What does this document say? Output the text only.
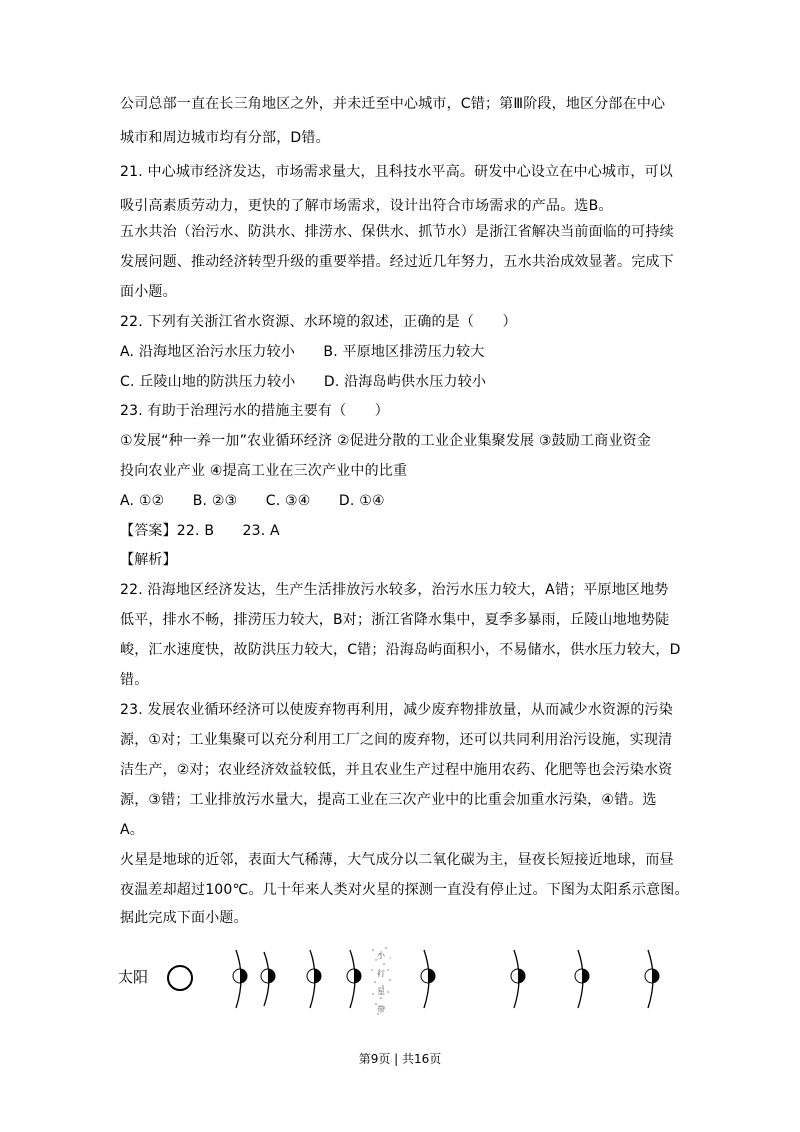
公司总部一直在长三角地区之外，并未迁至中心城市，C错；第Ⅲ阶段，地区分部在中心
城市和周边城市均有分部，D错。
21. 中心城市经济发达，市场需求量大，且科技水平高。研发中心设立在中心城市，可以
吸引高素质劳动力，更快的了解市场需求，设计出符合市场需求的产品。选B。
五水共治（治污水、防洪水、排涝水、保供水、抓节水）是浙江省解决当前面临的可持续
发展问题、推动经济转型升级的重要举措。经过近几年努力，五水共治成效显著。完成下
面小题。
22. 下列有关浙江省水资源、水环境的叙述，正确的是（　　）
A. 沿海地区治污水压力较小　　B. 平原地区排涝压力较大
C. 丘陵山地的防洪压力较小　　D. 沿海岛屿供水压力较小
23. 有助于治理污水的措施主要有（　　）
①发展“种一养一加”农业循环经济 ②促进分散的工业企业集聚发展 ③鼓励工商业资金
投向农业产业 ④提高工业在三次产业中的比重
A. ①②　　B. ②③　　C. ③④　　D. ①④
【答案】22. B　　23. A
【解析】
22. 沿海地区经济发达，生产生活排放污水较多，治污水压力较大，A错；平原地区地势
低平，排水不畅，排涝压力较大，B对；浙江省降水集中，夏季多暴雨，丘陵山地地势陡
峻，汇水速度快，故防洪压力较大，C错；沿海岛屿面积小，不易储水，供水压力较大，D
错。
23. 发展农业循环经济可以使废弃物再利用，减少废弃物排放量，从而减少水资源的污染
源，①对；工业集聚可以充分利用工厂之间的废弃物，还可以共同利用治污设施，实现清
洁生产，②对；农业经济效益较低，并且农业生产过程中施用农药、化肥等也会污染水资
源，③错；工业排放污水量大，提高工业在三次产业中的比重会加重水污染，④错。选
A。
火星是地球的近邻，表面大气稀薄，大气成分以二氧化碳为主，昼夜长短接近地球，而昼
夜温差却超过100℃。几十年来人类对火星的探测一直没有停止过。下图为太阳系示意图。
据此完成下面小题。
太阳
小
行
星
带
第9页 | 共16页
